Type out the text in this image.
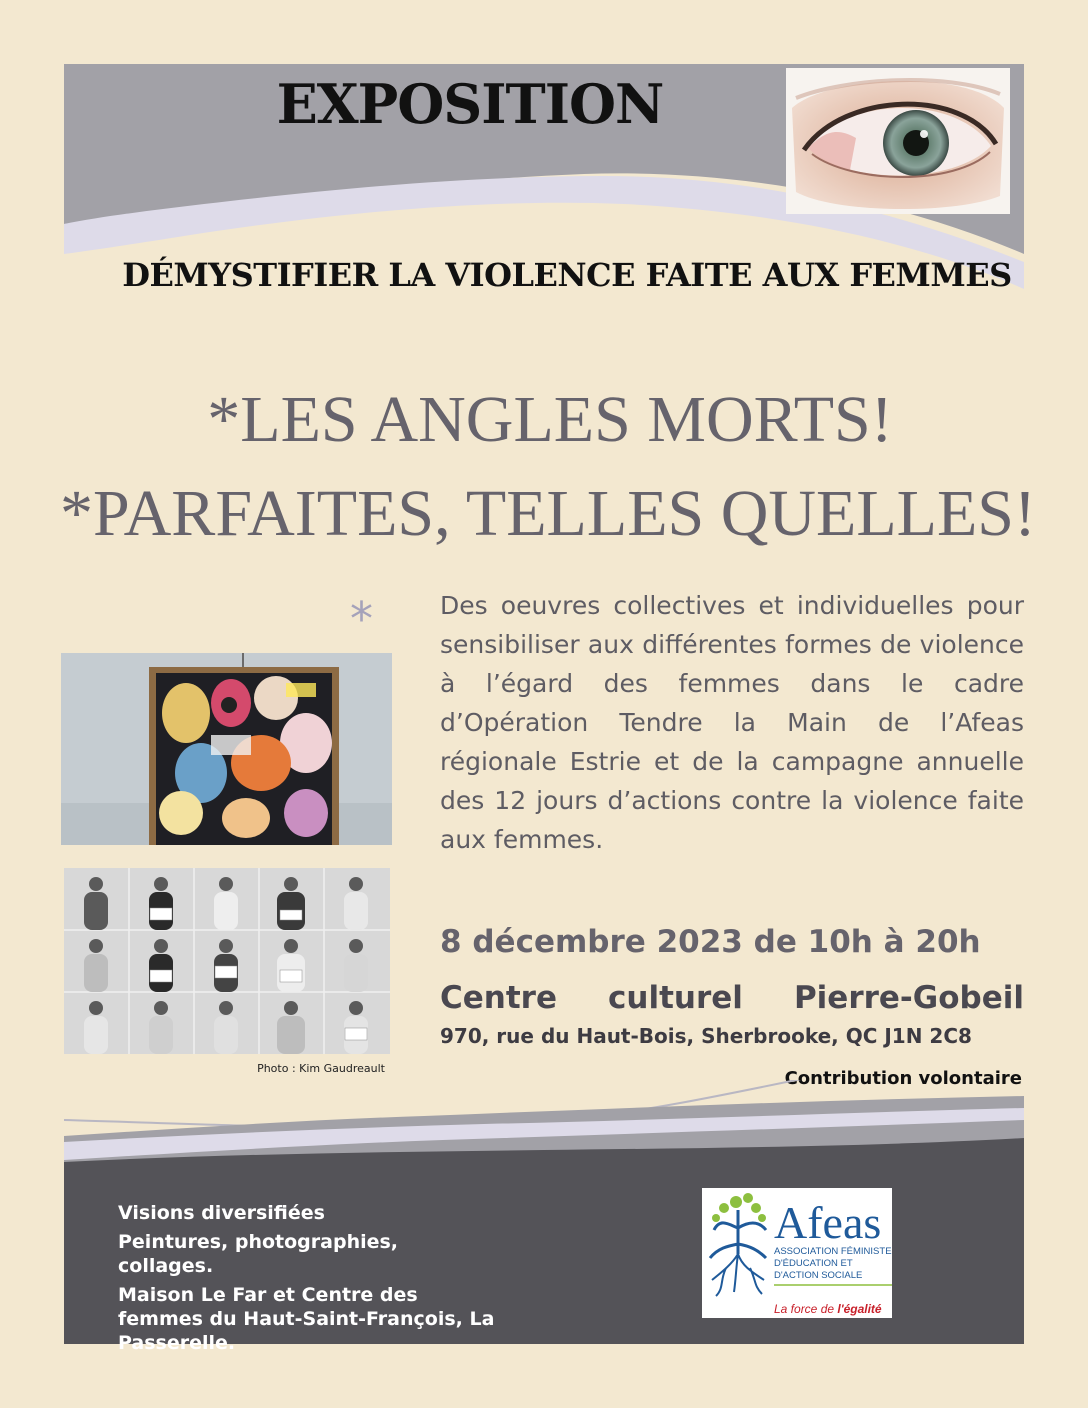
EXPOSITION
DÉMYSTIFIER LA VIOLENCE FAITE AUX FEMMES
*LES ANGLES MORTS!
*PARFAITES, TELLES QUELLES!
*
Photo : Kim Gaudreault
Des oeuvres collectives et individuelles pour sensibiliser aux différentes formes de violence à l’égard des femmes dans le cadre d’Opération Tendre la Main de l’Afeas régionale Estrie et de la campagne annuelle des 12 jours d’actions contre la violence faite aux femmes.
8 décembre 2023 de 10h à 20h
Centre culturel Pierre-Gobeil
970, rue du Haut-Bois, Sherbrooke, QC J1N 2C8
Contribution volontaire
Visions diversifiées
Peintures, photographies, collages.
Maison Le Far et Centre des femmes du Haut-Saint-François, La Passerelle.
Afeas
ASSOCIATION FÉMINISTE
D'ÉDUCATION ET
D'ACTION SOCIALE
La force de l'égalité
